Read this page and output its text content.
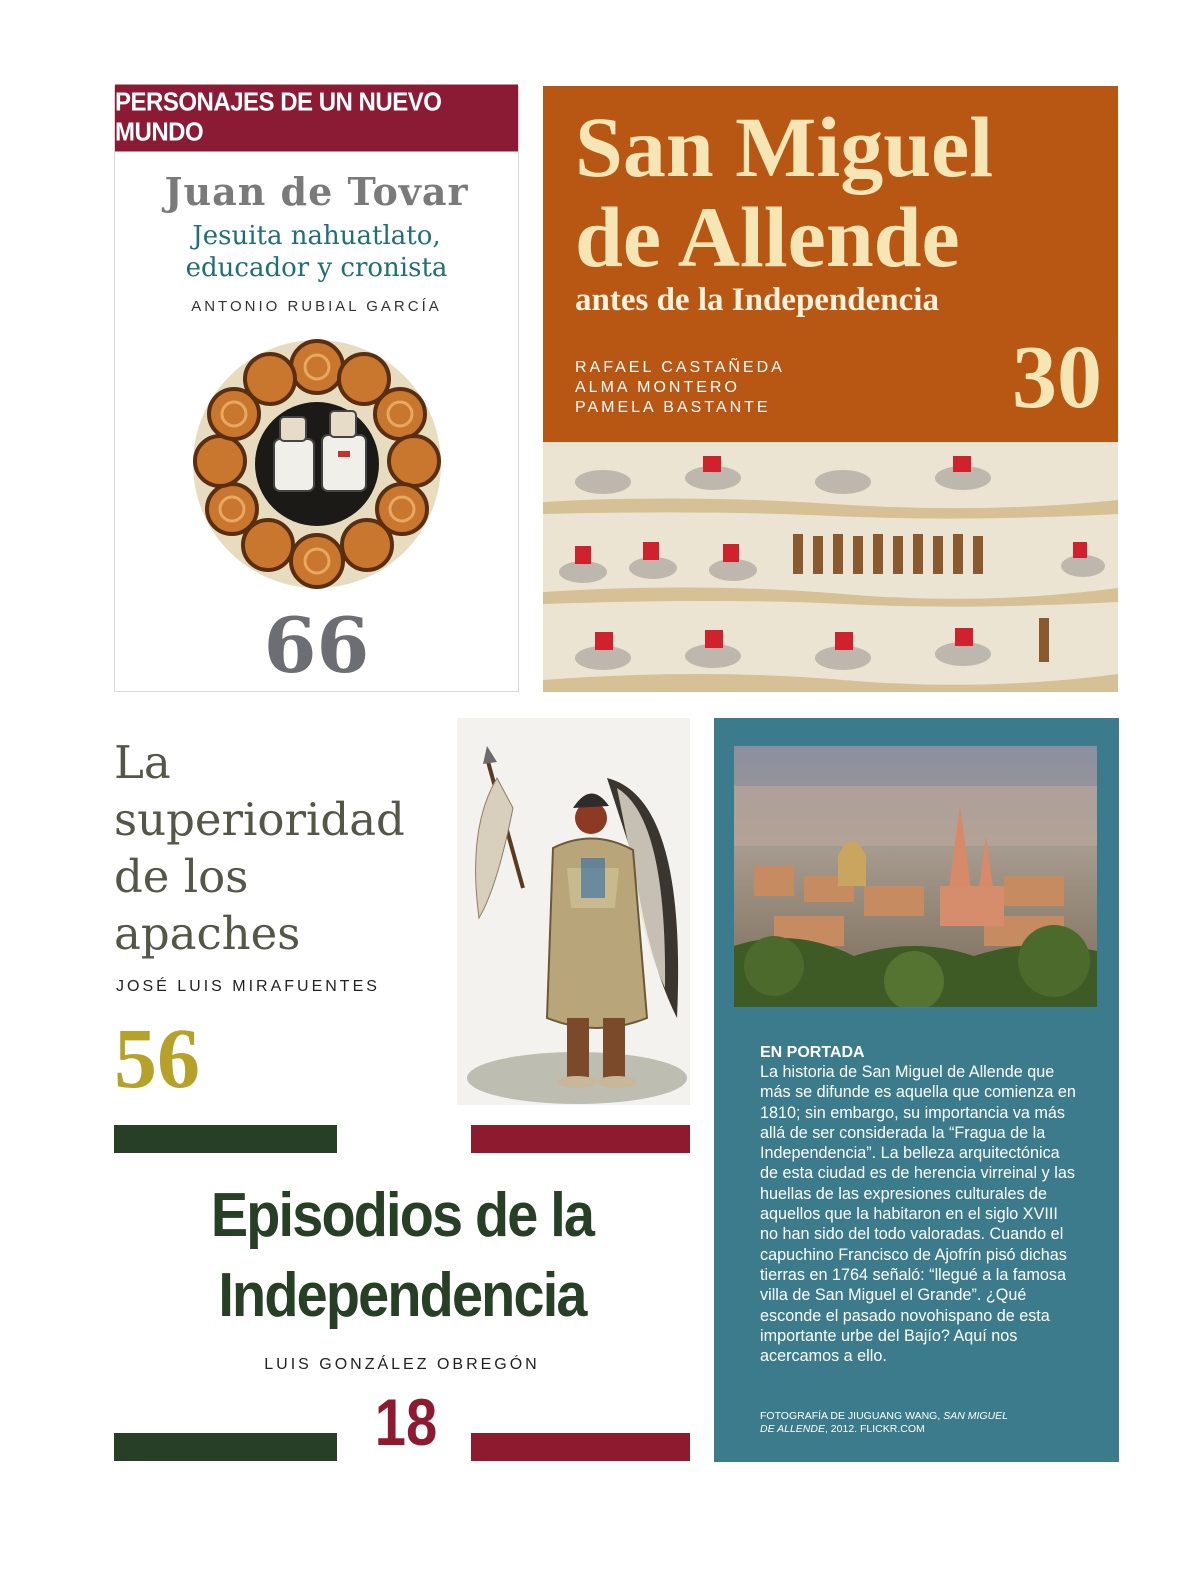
PERSONAJES DE UN NUEVO MUNDO
Juan de Tovar
Jesuita nahuatlato,
educador y cronista
ANTONIO RUBIAL GARCÍA
66
San Miguel
de Allende
antes de la Independencia
RAFAEL CASTAÑEDA
ALMA MONTERO
PAMELA BASTANTE	30
La
superioridad
de los
apaches
JOSÉ LUIS MIRAFUENTES
56
Episodios de la
Independencia
LUIS GONZÁLEZ OBREGÓN
18
EN PORTADA
La historia de San Miguel de Allende que más se difunde es aquella que comienza en 1810; sin embargo, su importancia va más allá de ser considerada la “Fragua de la Independencia”. La belleza arquitectónica de esta ciudad es de herencia virreinal y las huellas de las expresiones culturales de aquellos que la habitaron en el siglo XVIII no han sido del todo valoradas. Cuando el capuchino Francisco de Ajofrín pisó dichas tierras en 1764 señaló: “llegué a la famosa villa de San Miguel el Grande”. ¿Qué esconde el pasado novohispano de esta importante urbe del Bajío? Aquí nos acercamos a ello.
FOTOGRAFÍA DE JIUGUANG WANG, SAN MIGUEL DE ALLENDE, 2012. FLICKR.COM
